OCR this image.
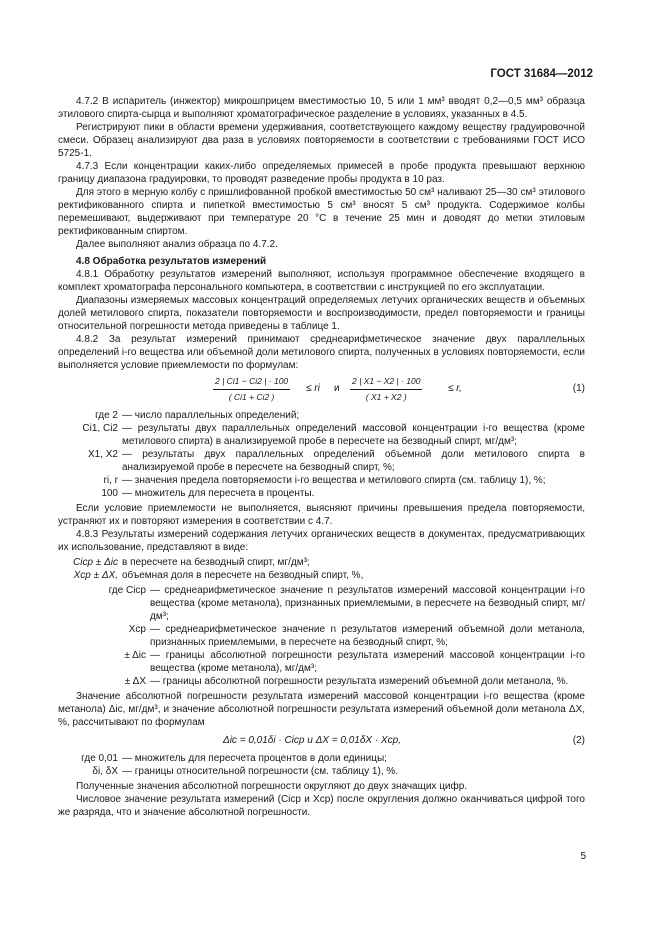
ГОСТ 31684—2012

4.7.2 В испаритель (инжектор) микрошприцем вместимостью 10, 5 или 1 мм³ вводят 0,2—0,5 мм³ образца этилового спирта-сырца и выполняют хроматографическое разделение в условиях, указанных в 4.5.

Регистрируют пики в области времени удерживания, соответствующего каждому веществу градуировочной смеси. Образец анализируют два раза в условиях повторяемости в соответствии с требованиями ГОСТ ИСО 5725-1.

4.7.3 Если концентрации каких-либо определяемых примесей в пробе продукта превышают верхнюю границу диапазона градуировки, то проводят разведение пробы продукта в 10 раз.

Для этого в мерную колбу с пришлифованной пробкой вместимостью 50 см³ наливают 25—30 см³ этилового ректификованного спирта и пипеткой вместимостью 5 см³ вносят 5 см³ продукта. Содержимое колбы перемешивают, выдерживают при температуре 20 °С в течение 25 мин и доводят до метки этиловым ректификованным спиртом.

Далее выполняют анализ образца по 4.7.2.

4.8 Обработка результатов измерений

4.8.1 Обработку результатов измерений выполняют, используя программное обеспечение входящего в комплект хроматографа персонального компьютера, в соответствии с инструкцией по его эксплуатации.

Диапазоны измеряемых массовых концентраций определяемых летучих органических веществ и объемных долей метилового спирта, показатели повторяемости и воспроизводимости, предел повторяемости и границы относительной погрешности метода приведены в таблице 1.

4.8.2 За результат измерений принимают среднеарифметическое значение двух параллельных определений i-го вещества или объемной доли метилового спирта, полученных в условиях повторяемости, если выполняется условие приемлемости по формулам:

$\frac{2 | Ci1 - Ci2 | \cdot 100}{( Ci1 + Ci2 )}$ ≤ ri и $\frac{2 | X1 - X2 | \cdot 100}{( X1 + X2 )}$	≤ r,	(1)
где 2 — число параллельных определений;
Ci1, Ci2 — результаты двух параллельных определений массовой концентрации i-го вещества (кроме метилового спирта) в анализируемой пробе в пересчете на безводный спирт, мг/дм³;
X1, X2 — результаты двух параллельных определений объемной доли метилового спирта в анализируемой пробе в пересчете на безводный спирт, %;
ri, r — значения предела повторяемости i-го вещества и метилового спирта (см. таблицу 1), %;
100 — множитель для пересчета в проценты.

Если условие приемлемости не выполняется, выясняют причины превышения предела повторяемости, устраняют их и повторяют измерения в соответствии с 4.7.

4.8.3 Результаты измерений содержания летучих органических веществ в документах, предусматривающих их использование, представляют в виде:

Cicp ± Δic в пересчете на безводный спирт, мг/дм³;
Xcp ± ΔX, объемная доля в пересчете на безводный спирт, %,
где Cicp — среднеарифметическое значение n результатов измерений массовой концентрации i-го вещества (кроме метанола), признанных приемлемыми, в пересчете на безводный спирт, мг/дм³;
Xcp — среднеарифметическое значение n результатов измерений объемной доли метанола, признанных приемлемыми, в пересчете на безводный спирт, %;
± Δic — границы абсолютной погрешности результата измерений массовой концентрации i-го вещества (кроме метанола), мг/дм³;
± ΔX — границы абсолютной погрешности результата измерений объемной доли метанола, %.

Значение абсолютной погрешности результата измерений массовой концентрации i-го вещества (кроме метанола) Δic, мг/дм³, и значение абсолютной погрешности результата измерений объемной доли метанола ΔX, %, рассчитывают по формулам

Δic = 0,01δi · Cicp и ΔX = 0,01δX · Xcp,	(2)
где 0,01 — множитель для пересчета процентов в доли единицы;
δi, δX — границы относительной погрешности (см. таблицу 1), %.

Полученные значения абсолютной погрешности округляют до двух значащих цифр.

Числовое значение результата измерений (Cicp и Xcp) после округления должно оканчиваться цифрой того же разряда, что и значение абсолютной погрешности.

5
